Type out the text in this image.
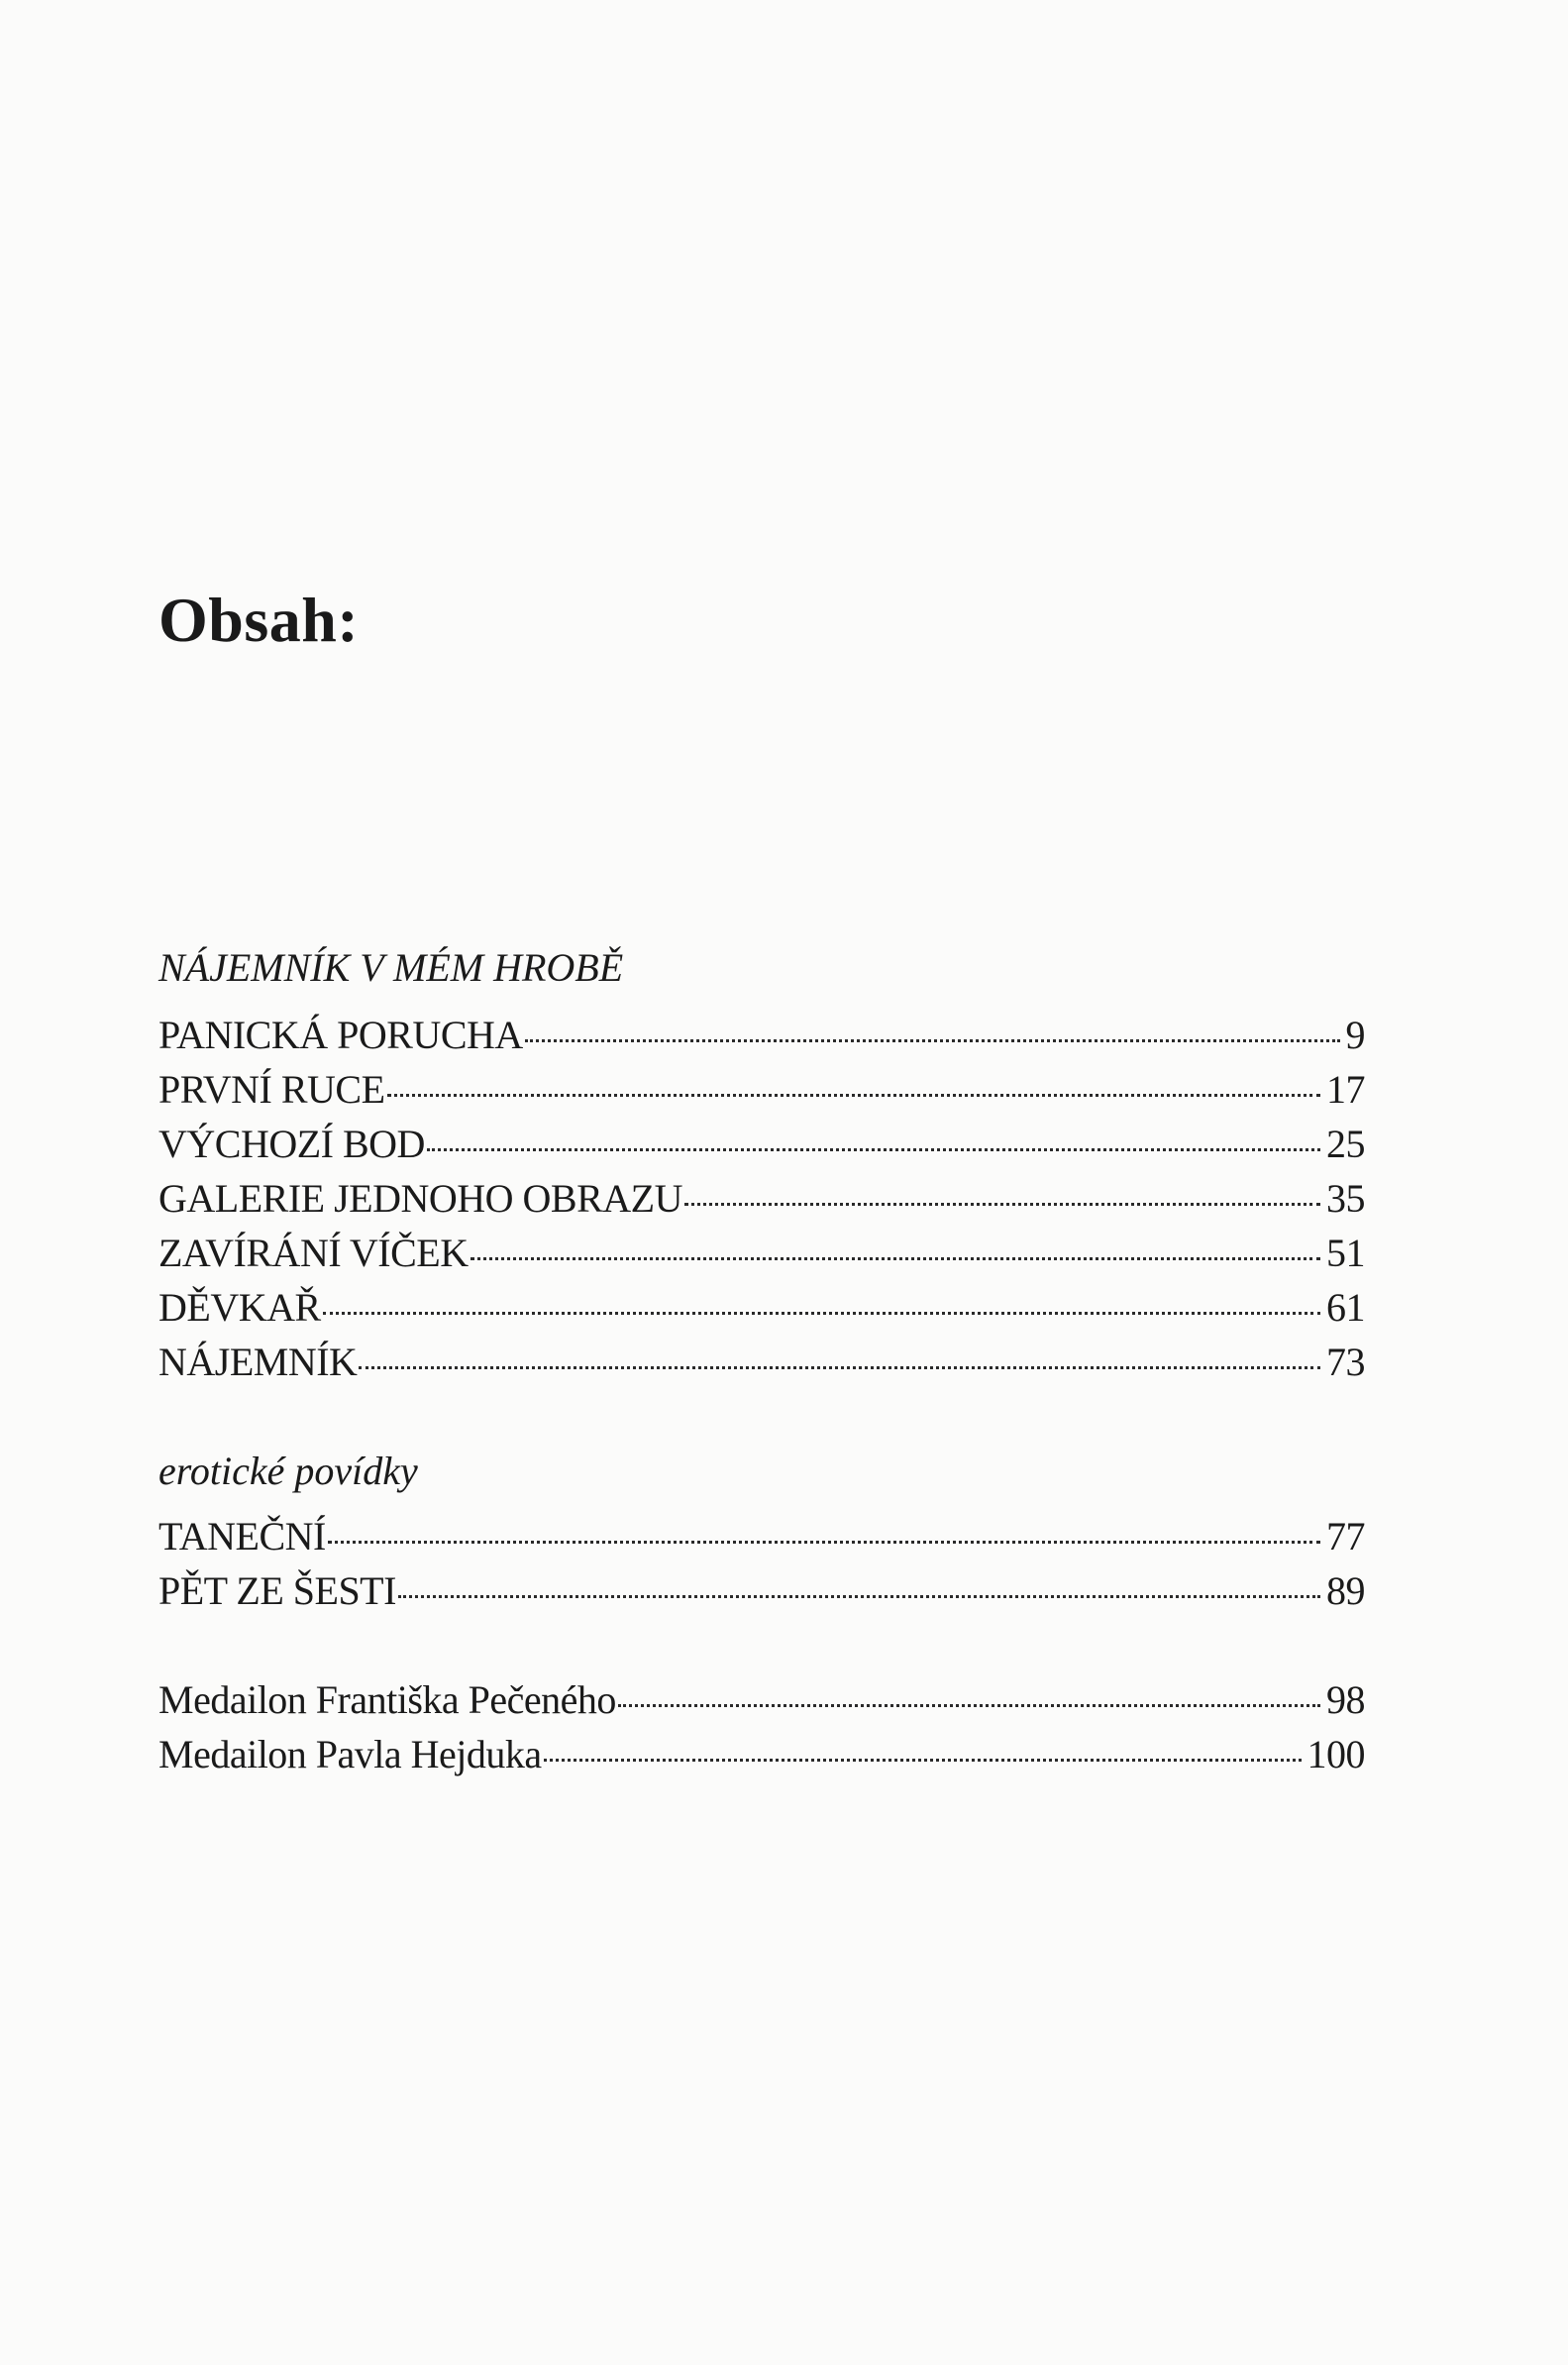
Obsah:
NÁJEMNÍK V MÉM HROBĚ
PANICKÁ PORUCHA	9
PRVNÍ RUCE	17
VÝCHOZÍ BOD	25
GALERIE JEDNOHO OBRAZU	35
ZAVÍRÁNÍ VÍČEK	51
DĚVKAŘ	61
NÁJEMNÍK	73
erotické povídky
TANEČNÍ	77
PĚT ZE ŠESTI	89
Medailon Františka Pečeného	98
Medailon Pavla Hejduka	100
